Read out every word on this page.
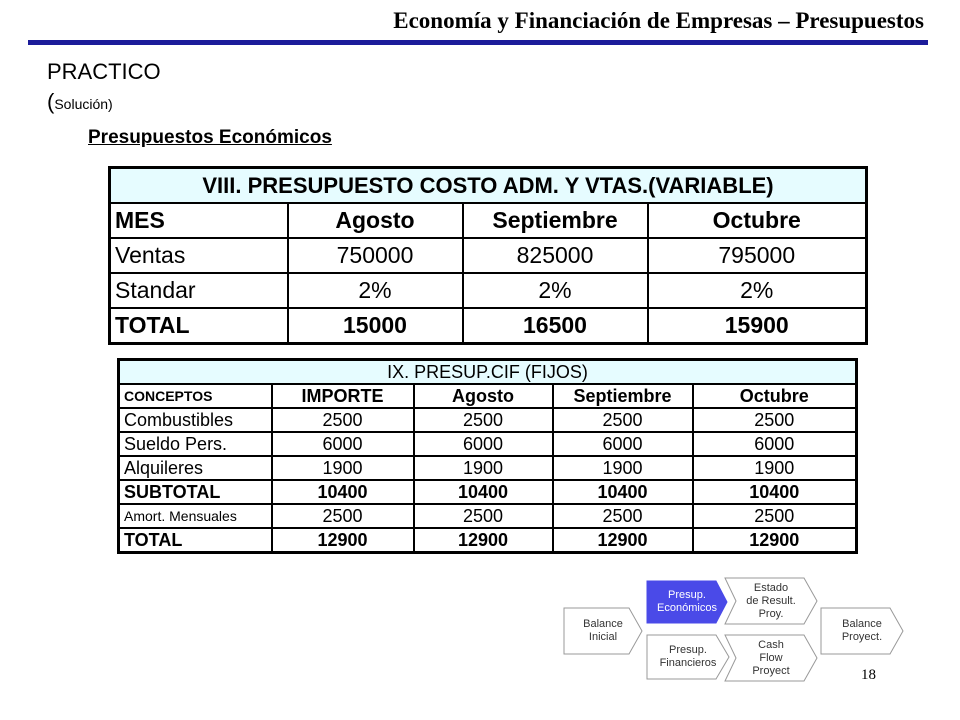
Economía y Financiación de Empresas – Presupuestos
PRACTICO
(Solución)
Presupuestos Económicos
VIII. PRESUPUESTO COSTO ADM. Y VTAS.(VARIABLE)			
MES	Agosto	Septiembre	Octubre
Ventas	750000	825000	795000
Standar	2%	2%	2%
TOTAL	15000	16500	15900
IX. PRESUP.CIF (FIJOS)				
CONCEPTOS	IMPORTE	Agosto	Septiembre	Octubre
Combustibles	2500	2500	2500	2500
Sueldo Pers.	6000	6000	6000	6000
Alquileres	1900	1900	1900	1900
SUBTOTAL	10400	10400	10400	10400
Amort. Mensuales	2500	2500	2500	2500
TOTAL	12900	12900	12900	12900
Balance
Inicial
Presup.
Económicos
Presup.
Financieros
Estado
de Result.
Proy.
Cash
Flow
Proyect
Balance
Proyect.
18
